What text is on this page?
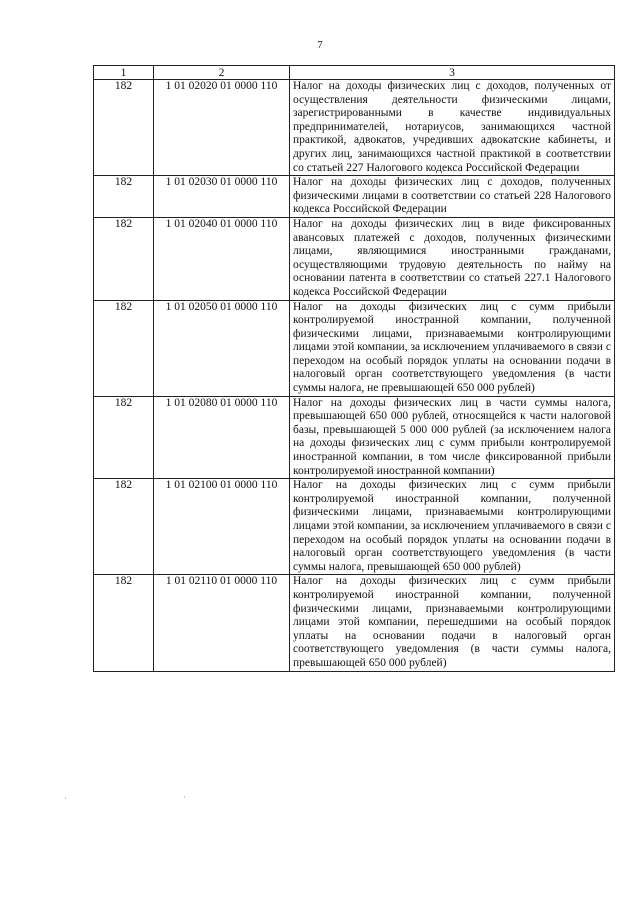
7
1	2	3
182	1 01 02020 01 0000 110	Налог на доходы физических лиц с доходов, полученных от осуществления деятельности физическими лицами, зарегистрированными в качестве индивидуальных предпринимателей, нотариусов, занимающихся частной практикой, адвокатов, учредивших адвокатские кабинеты, и других лиц, занимающихся частной практикой в соответствии со статьей 227 Налогового кодекса Российской Федерации
182	1 01 02030 01 0000 110	Налог на доходы физических лиц с доходов, полученных физическими лицами в соответствии со статьей 228 Налогового кодекса Российской Федерации
182	1 01 02040 01 0000 110	Налог на доходы физических лиц в виде фиксированных авансовых платежей с доходов, полученных физическими лицами, являющимися иностранными гражданами, осуществляющими трудовую деятельность по найму на основании патента в соответствии со статьей 227.1 Налогового кодекса Российской Федерации
182	1 01 02050 01 0000 110	Налог на доходы физических лиц с сумм прибыли контролируемой иностранной компании, полученной физическими лицами, признаваемыми контролирующими лицами этой компании, за исключением уплачиваемого в связи с переходом на особый порядок уплаты на основании подачи в налоговый орган соответствующего уведомления (в части суммы налога, не превышающей 650 000 рублей)
182	1 01 02080 01 0000 110	Налог на доходы физических лиц в части суммы налога, превышающей 650 000 рублей, относящейся к части налоговой базы, превышающей 5 000 000 рублей (за исключением налога на доходы физических лиц с сумм прибыли контролируемой иностранной компании, в том числе фиксированной прибыли контролируемой иностранной компании)
182	1 01 02100 01 0000 110	Налог на доходы физических лиц с сумм прибыли контролируемой иностранной компании, полученной физическими лицами, признаваемыми контролирующими лицами этой компании, за исключением уплачиваемого в связи с переходом на особый порядок уплаты на основании подачи в налоговый орган соответствующего уведомления (в части суммы налога, превышающей 650 000 рублей)
182	1 01 02110 01 0000 110	Налог на доходы физических лиц с сумм прибыли контролируемой иностранной компании, полученной физическими лицами, признаваемыми контролирующими лицами этой компании, перешедшими на особый порядок уплаты на основании подачи в налоговый орган соответствующего уведомления (в части суммы налога, превышающей 650 000 рублей)
ˌ	·
